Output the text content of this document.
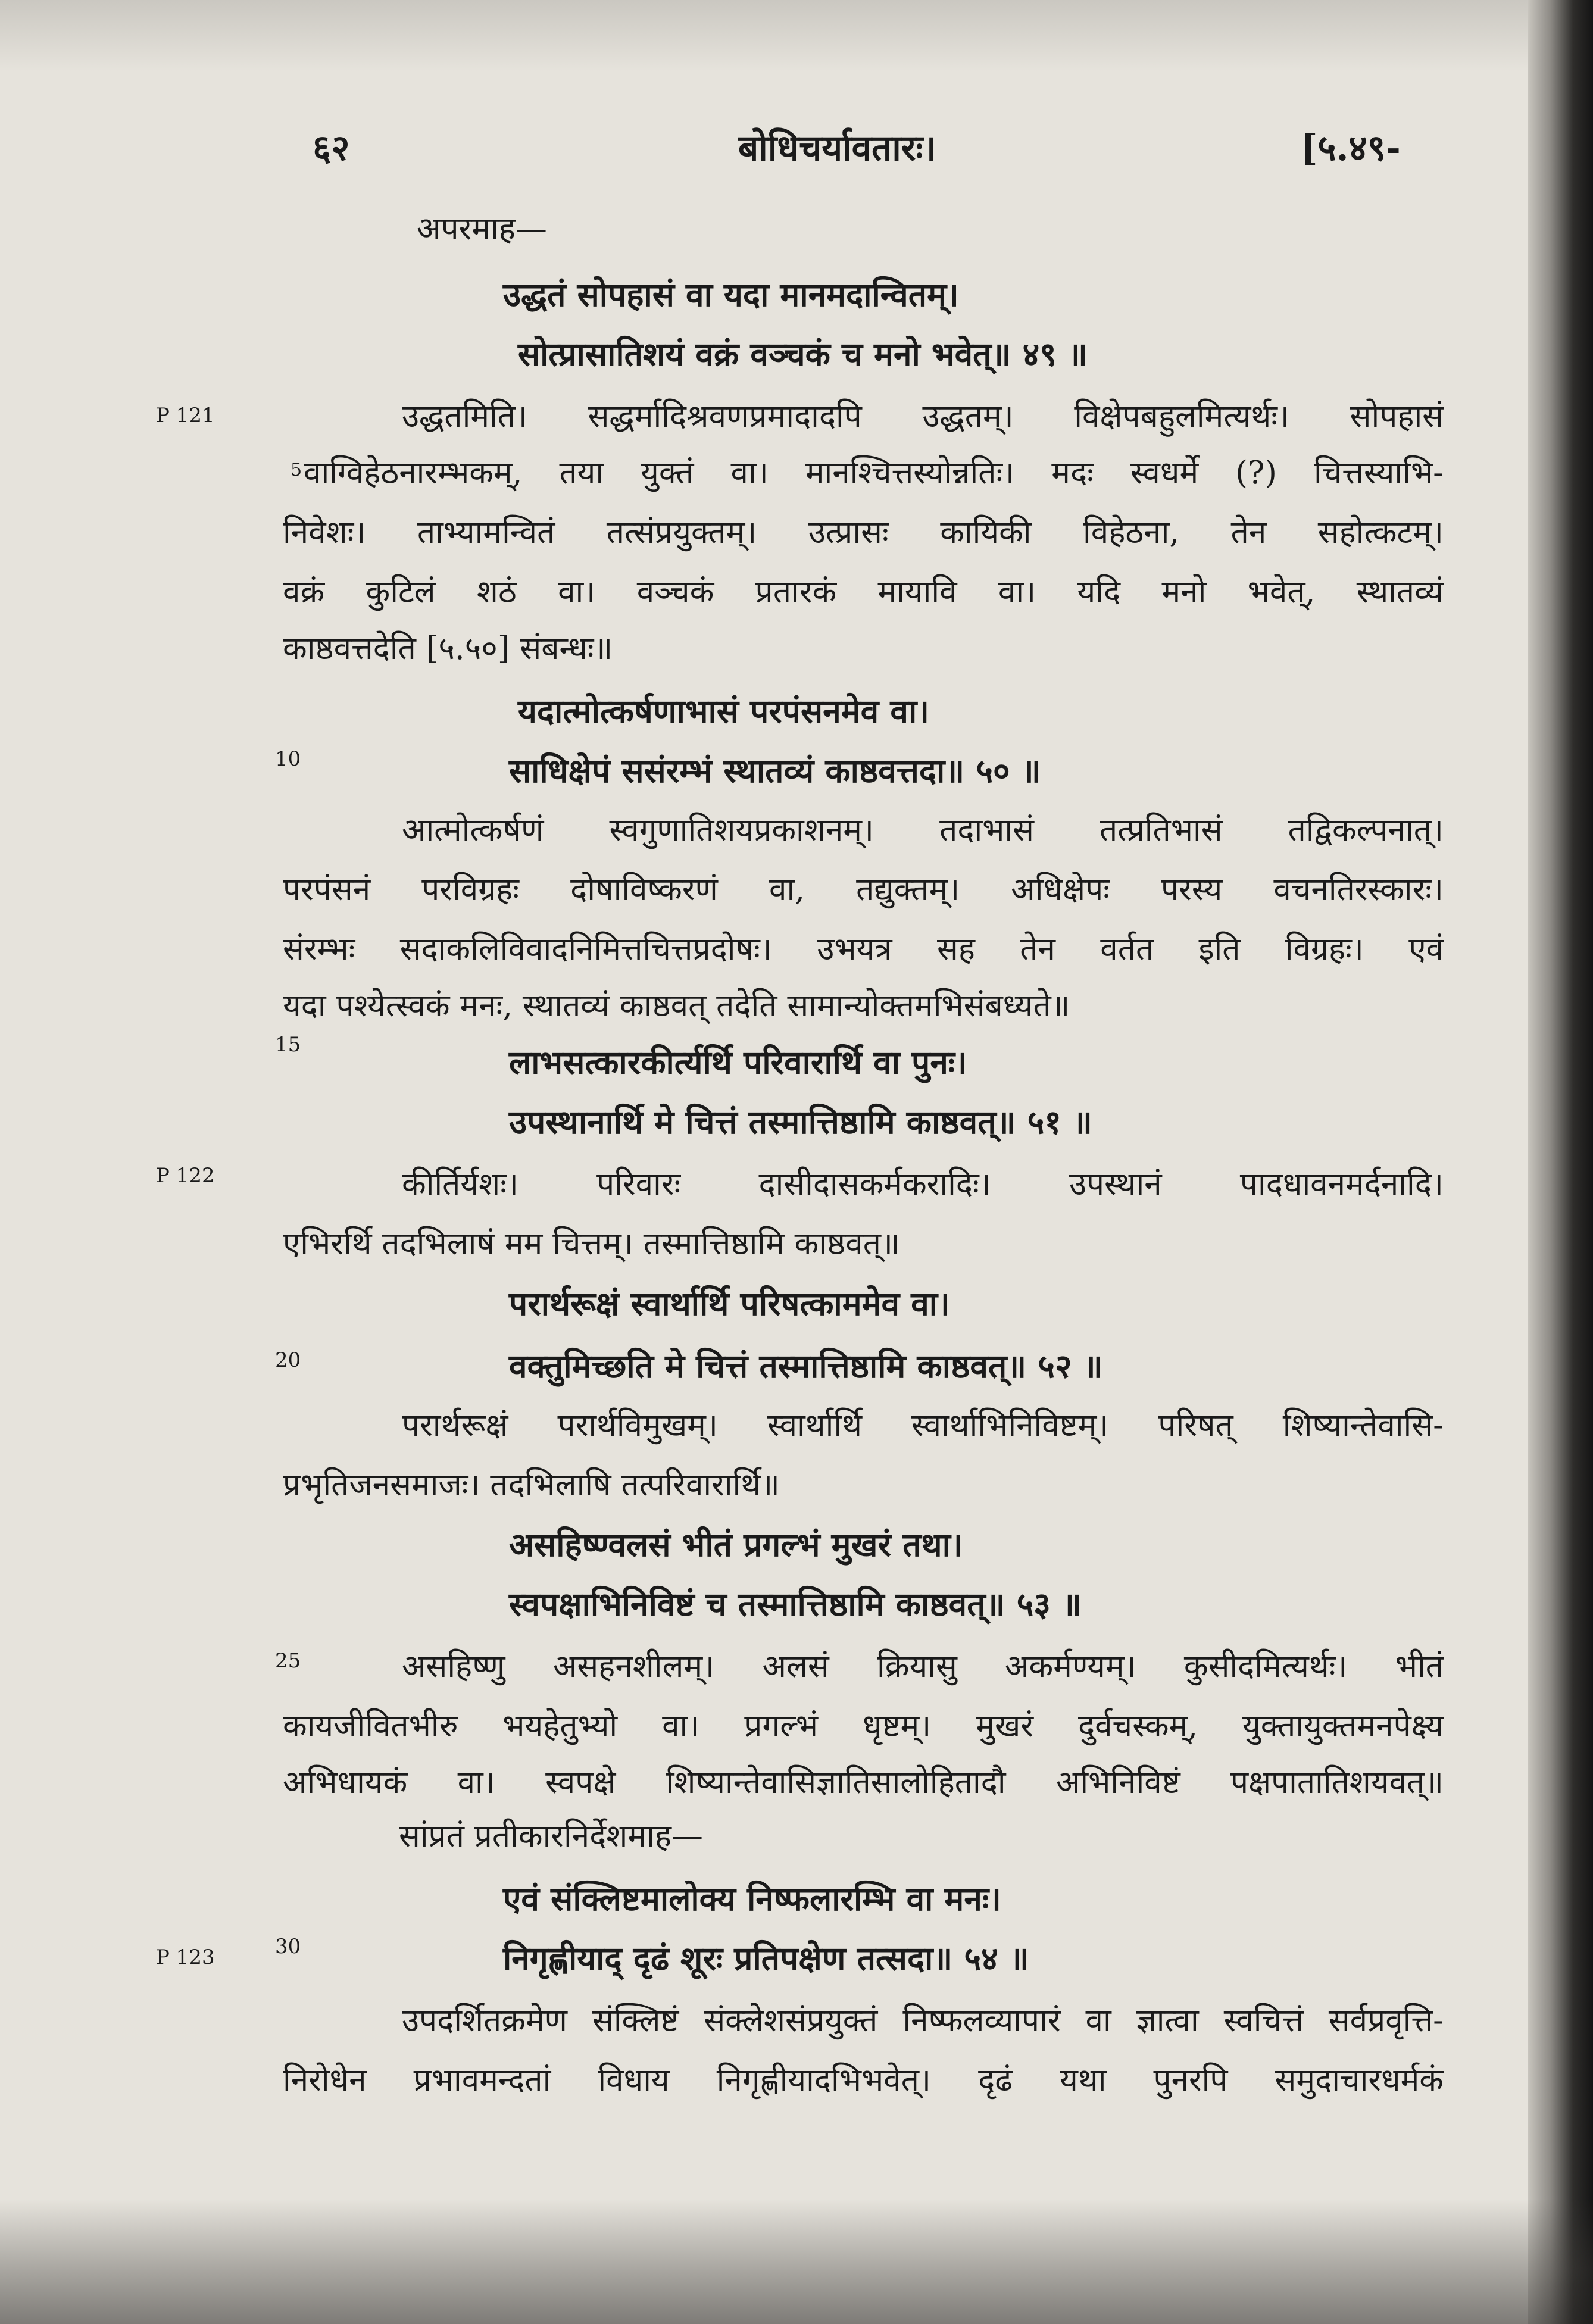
६२	बोधिचर्यावतारः।	[५.४९-
P 121
P 122
P 123
5
10
15
20
25
30
अपरमाह—
उद्धतं सोपहासं वा यदा मानमदान्वितम्।
सोत्प्रासातिशयं वक्रं वञ्चकं च मनो भवेत्॥ ४९ ॥
उद्धतमिति। सद्धर्मादिश्रवणप्रमादादपि उद्धतम्। विक्षेपबहुलमित्यर्थः। सोपहासं
वाग्विहेठनारम्भकम्, तया युक्तं वा। मानश्चित्तस्योन्नतिः। मदः स्वधर्मे (?) चित्तस्याभि-
निवेशः। ताभ्यामन्वितं तत्संप्रयुक्तम्। उत्प्रासः कायिकी विहेठना, तेन सहोत्कटम्।
वक्रं कुटिलं शठं वा। वञ्चकं प्रतारकं मायावि वा। यदि मनो भवेत्, स्थातव्यं
काष्ठवत्तदेति [५.५०] संबन्धः॥
यदात्मोत्कर्षणाभासं परपंसनमेव वा।
साधिक्षेपं ससंरम्भं स्थातव्यं काष्ठवत्तदा॥ ५० ॥
आत्मोत्कर्षणं स्वगुणातिशयप्रकाशनम्। तदाभासं तत्प्रतिभासं तद्विकल्पनात्।
परपंसनं परविग्रहः दोषाविष्करणं वा, तद्युक्तम्। अधिक्षेपः परस्य वचनतिरस्कारः।
संरम्भः सदाकलिविवादनिमित्तचित्तप्रदोषः। उभयत्र सह तेन वर्तत इति विग्रहः। एवं
यदा पश्येत्स्वकं मनः, स्थातव्यं काष्ठवत् तदेति सामान्योक्तमभिसंबध्यते॥
लाभसत्कारकीर्त्यर्थि परिवारार्थि वा पुनः।
उपस्थानार्थि मे चित्तं तस्मात्तिष्ठामि काष्ठवत्॥ ५१ ॥
कीर्तिर्यशः। परिवारः दासीदासकर्मकरादिः। उपस्थानं पादधावनमर्दनादि।
एभिरर्थि तदभिलाषं मम चित्तम्। तस्मात्तिष्ठामि काष्ठवत्॥
परार्थरूक्षं स्वार्थार्थि परिषत्काममेव वा।
वक्तुमिच्छति मे चित्तं तस्मात्तिष्ठामि काष्ठवत्॥ ५२ ॥
परार्थरूक्षं परार्थविमुखम्। स्वार्थार्थि स्वार्थाभिनिविष्टम्। परिषत् शिष्यान्तेवासि-
प्रभृतिजनसमाजः। तदभिलाषि तत्परिवारार्थि॥
असहिष्ण्वलसं भीतं प्रगल्भं मुखरं तथा।
स्वपक्षाभिनिविष्टं च तस्मात्तिष्ठामि काष्ठवत्॥ ५३ ॥
असहिष्णु असहनशीलम्। अलसं क्रियासु अकर्मण्यम्। कुसीदमित्यर्थः। भीतं
कायजीवितभीरु भयहेतुभ्यो वा। प्रगल्भं धृष्टम्। मुखरं दुर्वचस्कम्, युक्तायुक्तमनपेक्ष्य
अभिधायकं वा। स्वपक्षे शिष्यान्तेवासिज्ञातिसालोहितादौ अभिनिविष्टं पक्षपातातिशयवत्॥
सांप्रतं प्रतीकारनिर्देशमाह—
एवं संक्लिष्टमालोक्य निष्फलारम्भि वा मनः।
निगृह्णीयाद् दृढं शूरः प्रतिपक्षेण तत्सदा॥ ५४ ॥
उपदर्शितक्रमेण संक्लिष्टं संक्लेशसंप्रयुक्तं निष्फलव्यापारं वा ज्ञात्वा स्वचित्तं सर्वप्रवृत्ति-
निरोधेन प्रभावमन्दतां विधाय निगृह्णीयादभिभवेत्। दृढं यथा पुनरपि समुदाचारधर्मकं
